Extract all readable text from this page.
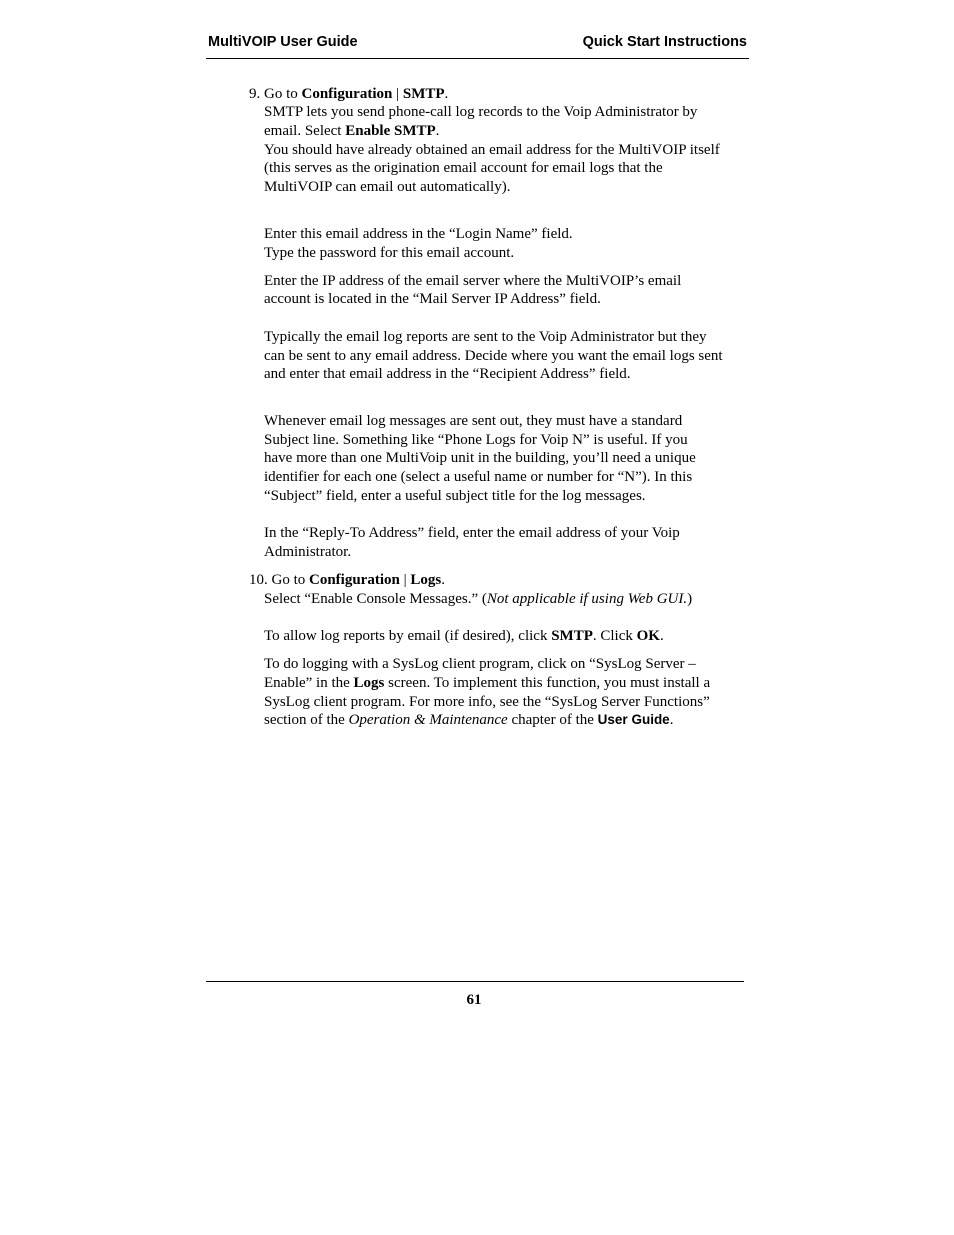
MultiVOIP User Guide	Quick Start Instructions
9. Go to Configuration | SMTP.
SMTP lets you send phone-call log records to the Voip Administrator by
email. Select Enable SMTP.
You should have already obtained an email address for the MultiVOIP itself
(this serves as the origination email account for email logs that the
MultiVOIP can email out automatically).
Enter this email address in the “Login Name” field.
Type the password for this email account.
Enter the IP address of the email server where the MultiVOIP’s email
account is located in the “Mail Server IP Address” field.
Typically the email log reports are sent to the Voip Administrator but they
can be sent to any email address. Decide where you want the email logs sent
and enter that email address in the “Recipient Address” field.
Whenever email log messages are sent out, they must have a standard
Subject line. Something like “Phone Logs for Voip N” is useful. If you
have more than one MultiVoip unit in the building, you’ll need a unique
identifier for each one (select a useful name or number for “N”). In this
“Subject” field, enter a useful subject title for the log messages.
In the “Reply-To Address” field, enter the email address of your Voip
Administrator.
10. Go to Configuration | Logs.
Select “Enable Console Messages.” (Not applicable if using Web GUI.)
To allow log reports by email (if desired), click SMTP. Click OK.
To do logging with a SysLog client program, click on “SysLog Server –
Enable” in the Logs screen. To implement this function, you must install a
SysLog client program. For more info, see the “SysLog Server Functions”
section of the Operation & Maintenance chapter of the User Guide.
61
